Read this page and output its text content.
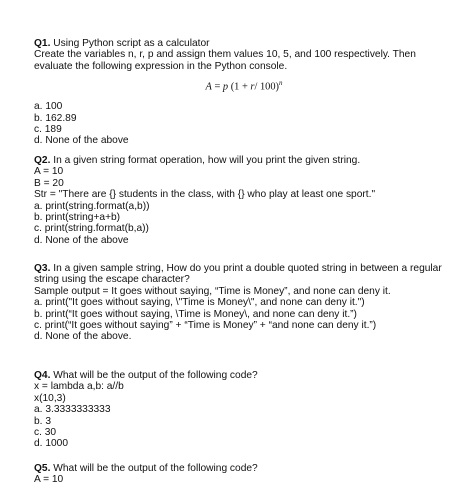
Q1. Using Python script as a calculator

Create the variables n, r, p and assign them values 10, 5, and 100 respectively. Then evaluate the following expression in the Python console.

A = p (1 + r/ 100)$^n$

a. 100

b. 162.89

c. 189

d. None of the above

Q2. In a given string format operation, how will you print the given string.

A = 10

B = 20

Str = "There are {} students in the class, with {} who play at least one sport."

a. print(string.format(a,b))

b. print(string+a+b)

c. print(string.format(b,a))

d. None of the above

Q3. In a given sample string, How do you print a double quoted string in between a regular

string using the escape character?

Sample output = It goes without saying, “Time is Money”, and none can deny it.

a. print("It goes without saying, \"Time is Money\", and none can deny it.")

b. print(“It goes without saying, \Time is Money\, and none can deny it.”)

c. print(“It goes without saying” + “Time is Money” + “and none can deny it.”)

d. None of the above.

Q4. What will be the output of the following code?

x = lambda a,b: a//b

x(10,3)

a. 3.3333333333

b. 3

c. 30

d. 1000

Q5. What will be the output of the following code?

A = 10
